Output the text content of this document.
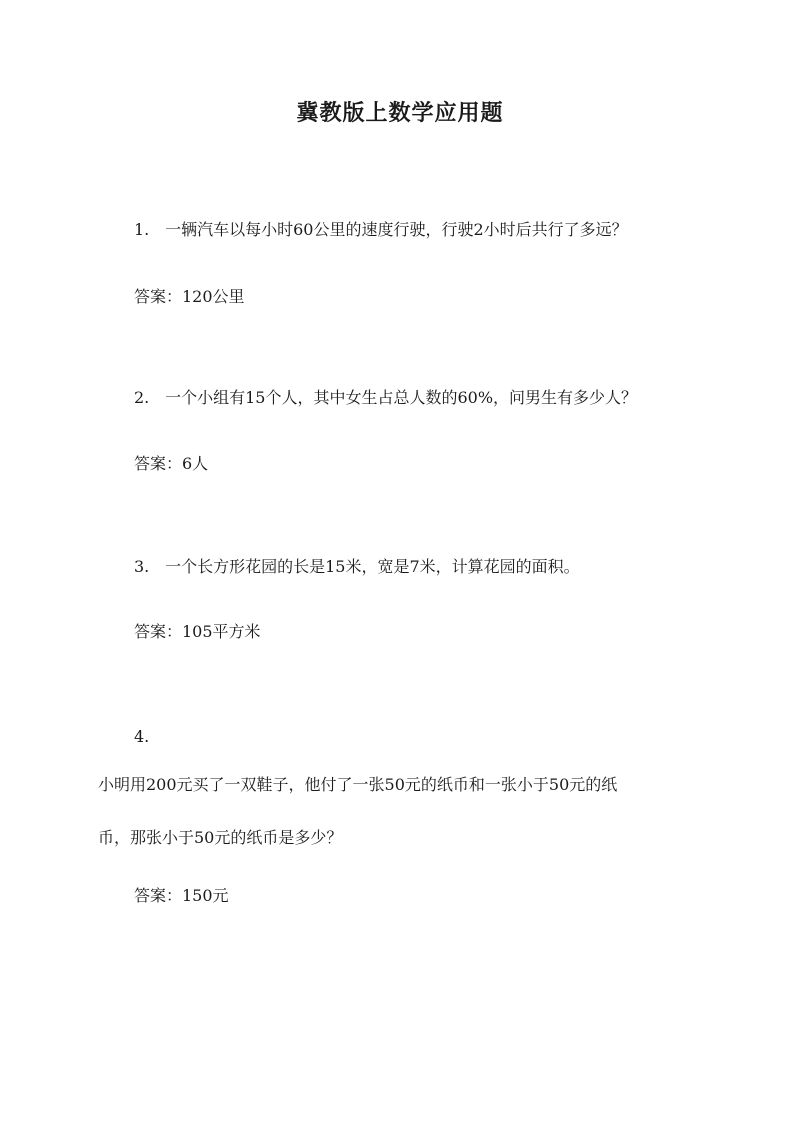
冀教版上数学应用题
1. 一辆汽车以每小时60公里的速度行驶，行驶2小时后共行了多远？
答案：120公里
2. 一个小组有15个人，其中女生占总人数的60%，问男生有多少人？
答案：6人
3. 一个长方形花园的长是15米，宽是7米，计算花园的面积。
答案：105平方米
4.
小明用200元买了一双鞋子，他付了一张50元的纸币和一张小于50元的纸
币，那张小于50元的纸币是多少？
答案：150元
